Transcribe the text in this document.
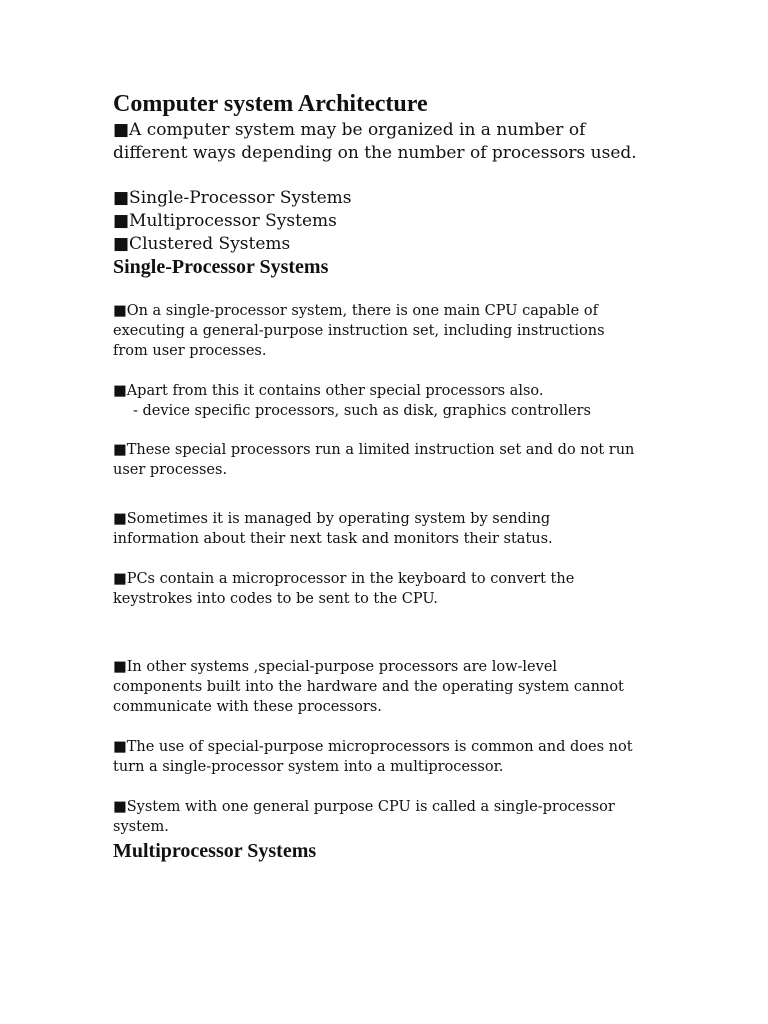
Computer system Architecture

■A computer system may be organized in a number of
different ways depending on the number of processors used.

■Single-Processor Systems
■Multiprocessor Systems
■Clustered Systems
Single-Processor Systems

■On a single-processor system, there is one main CPU capable of
executing a general-purpose instruction set, including instructions
from user processes.

■Apart from this it contains other special processors also.
- device specific processors, such as disk, graphics controllers

■These special processors run a limited instruction set and do not run
user processes.

■Sometimes it is managed by operating system by sending
information about their next task and monitors their status.

■PCs contain a microprocessor in the keyboard to convert the
keystrokes into codes to be sent to the CPU.

■In other systems ,special-purpose processors are low-level
components built into the hardware and the operating system cannot
communicate with these processors.

■The use of special-purpose microprocessors is common and does not
turn a single-processor system into a multiprocessor.

■System with one general purpose CPU is called a single-processor
system.

Multiprocessor Systems
